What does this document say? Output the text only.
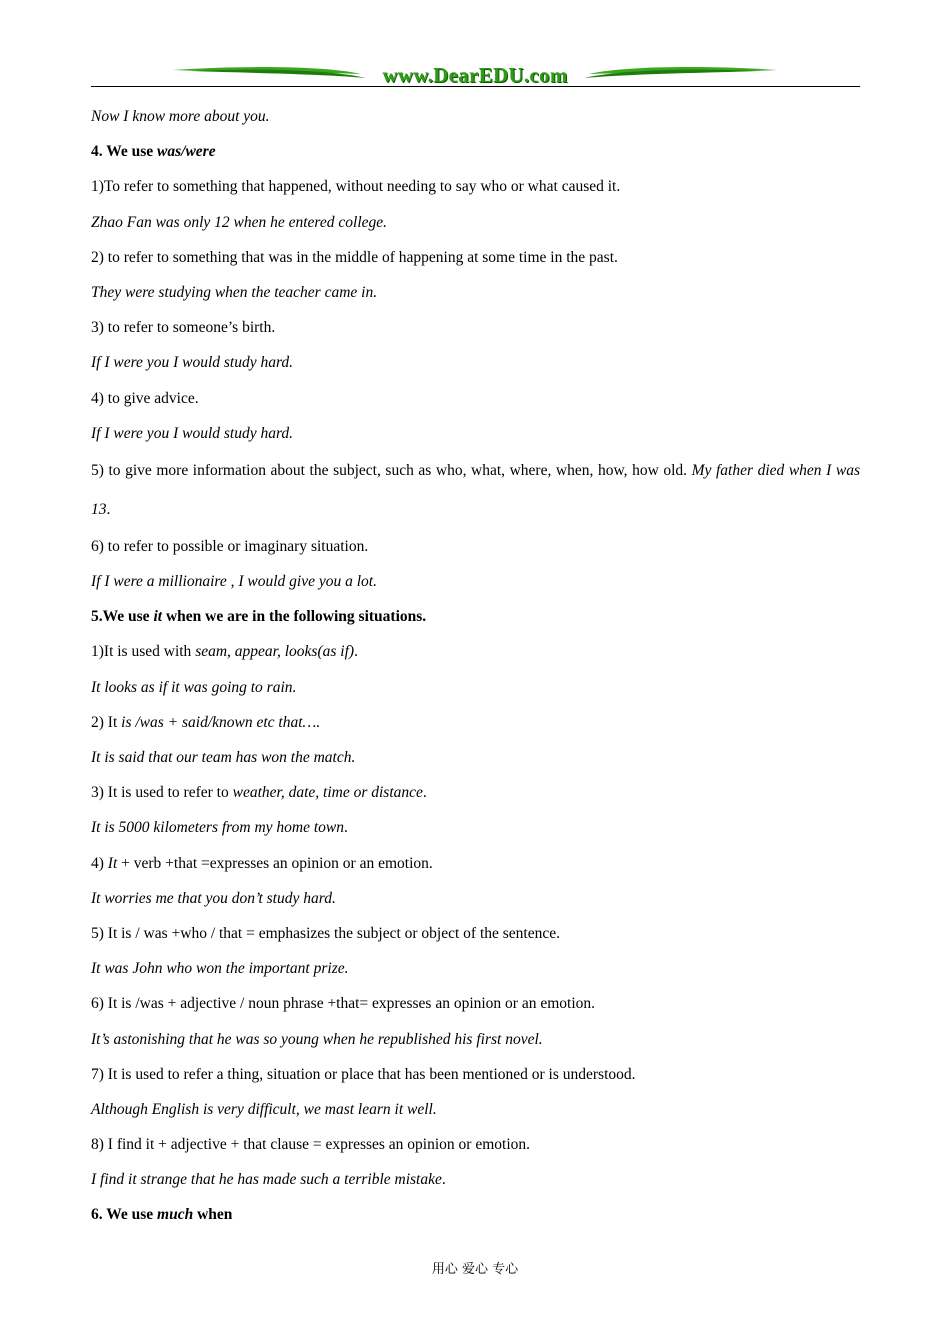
www.DearEDU.com
Now I know more about you.
4. We use was/were
1)To refer to something that happened, without needing to say who or what caused it.
Zhao Fan was only 12 when he entered college.
2) to refer to something that was in the middle of happening at some time in the past.
They were studying when the teacher came in.
3) to refer to someone’s birth.
If I were you I would study hard.
4) to give advice.
If I were you I would study hard.
5) to give more information about the subject, such as who, what, where, when, how, how old. My father died when I was 13.
6) to refer to possible or imaginary situation.
If I were a millionaire , I would give you a lot.
5.We use it when we are in the following situations.
1)It is used with seam, appear, looks(as if).
It looks as if it was going to rain.
2) It is /was + said/known etc that….
It is said that our team has won the match.
3) It is used to refer to weather, date, time or distance.
It is 5000 kilometers from my home town.
4) It + verb +that =expresses an opinion or an emotion.
It worries me that you don’t study hard.
5) It is / was +who / that = emphasizes the subject or object of the sentence.
It was John who won the important prize.
6) It is /was + adjective / noun phrase +that= expresses an opinion or an emotion.
It’s astonishing that he was so young when he republished his first novel.
7) It is used to refer a thing, situation or place that has been mentioned or is understood.
Although English is very difficult, we mast learn it well.
8) I find it + adjective + that clause = expresses an opinion or emotion.
I find it strange that he has made such a terrible mistake.
6. We use much when
用心 爱心 专心
